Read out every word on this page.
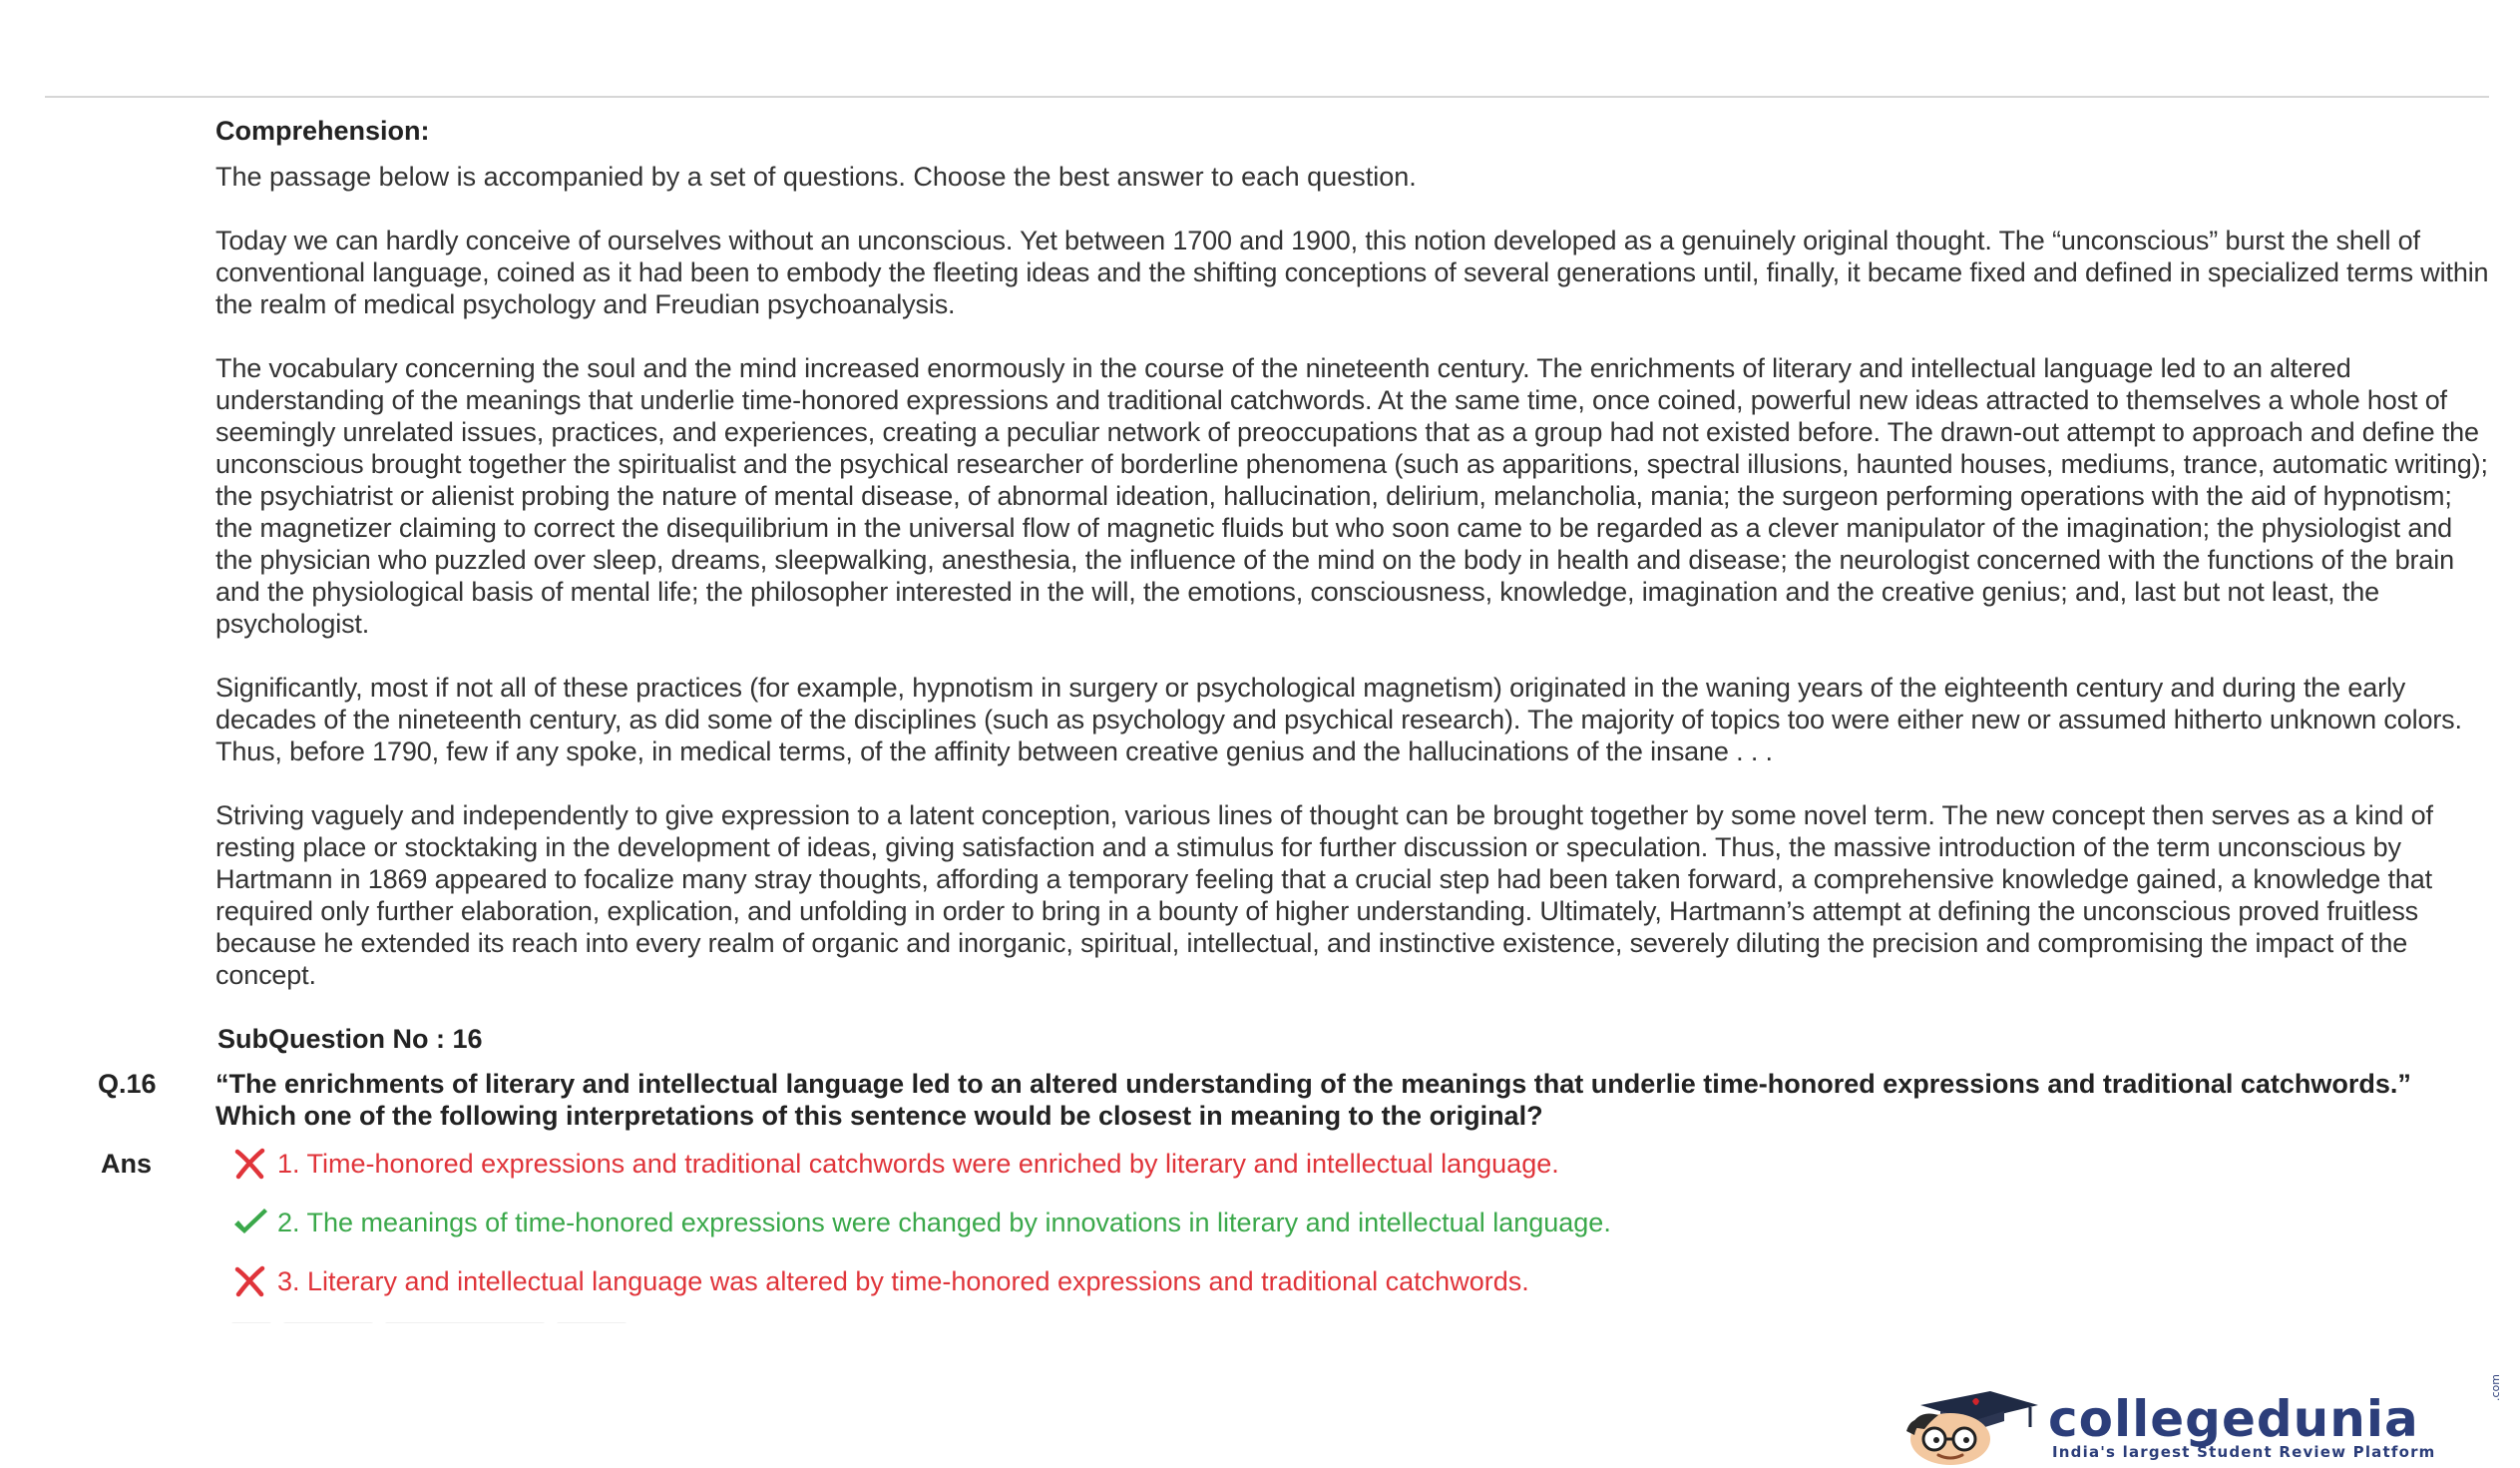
Comprehension:

The passage below is accompanied by a set of questions. Choose the best answer to each question.

Today we can hardly conceive of ourselves without an unconscious. Yet between 1700 and 1900, this notion developed as a genuinely original thought. The “unconscious” burst the shell of conventional language, coined as it had been to embody the fleeting ideas and the shifting conceptions of several generations until, finally, it became fixed and defined in specialized terms within the realm of medical psychology and Freudian psychoanalysis.

The vocabulary concerning the soul and the mind increased enormously in the course of the nineteenth century. The enrichments of literary and intellectual language led to an altered understanding of the meanings that underlie time-honored expressions and traditional catchwords. At the same time, once coined, powerful new ideas attracted to themselves a whole host of seemingly unrelated issues, practices, and experiences, creating a peculiar network of preoccupations that as a group had not existed before. The drawn-out attempt to approach and define the unconscious brought together the spiritualist and the psychical researcher of borderline phenomena (such as apparitions, spectral illusions, haunted houses, mediums, trance, automatic writing); the psychiatrist or alienist probing the nature of mental disease, of abnormal ideation, hallucination, delirium, melancholia, mania; the surgeon performing operations with the aid of hypnotism; the magnetizer claiming to correct the disequilibrium in the universal flow of magnetic fluids but who soon came to be regarded as a clever manipulator of the imagination; the physiologist and the physician who puzzled over sleep, dreams, sleepwalking, anesthesia, the influence of the mind on the body in health and disease; the neurologist concerned with the functions of the brain and the physiological basis of mental life; the philosopher interested in the will, the emotions, consciousness, knowledge, imagination and the creative genius; and, last but not least, the psychologist.

Significantly, most if not all of these practices (for example, hypnotism in surgery or psychological magnetism) originated in the waning years of the eighteenth century and during the early decades of the nineteenth century, as did some of the disciplines (such as psychology and psychical research). The majority of topics too were either new or assumed hitherto unknown colors. Thus, before 1790, few if any spoke, in medical terms, of the affinity between creative genius and the hallucinations of the insane . . .

Striving vaguely and independently to give expression to a latent conception, various lines of thought can be brought together by some novel term. The new concept then serves as a kind of resting place or stocktaking in the development of ideas, giving satisfaction and a stimulus for further discussion or speculation. Thus, the massive introduction of the term unconscious by Hartmann in 1869 appeared to focalize many stray thoughts, affording a temporary feeling that a crucial step had been taken forward, a comprehensive knowledge gained, a knowledge that required only further elaboration, explication, and unfolding in order to bring in a bounty of higher understanding. Ultimately, Hartmann’s attempt at defining the unconscious proved fruitless because he extended its reach into every realm of organic and inorganic, spiritual, intellectual, and instinctive existence, severely diluting the precision and compromising the impact of the concept.

SubQuestion No : 16
Q.16 “The enrichments of literary and intellectual language led to an altered understanding of the meanings that underlie time-honored expressions and traditional catchwords.” Which one of the following interpretations of this sentence would be closest in meaning to the original?
Ans	1. Time-honored expressions and traditional catchwords were enriched by literary and intellectual language.
2. The meanings of time-honored expressions were changed by innovations in literary and intellectual language.
3. Literary and intellectual language was altered by time-honored expressions and traditional catchwords.
collegedunia
India's largest Student Review Platform
.com
